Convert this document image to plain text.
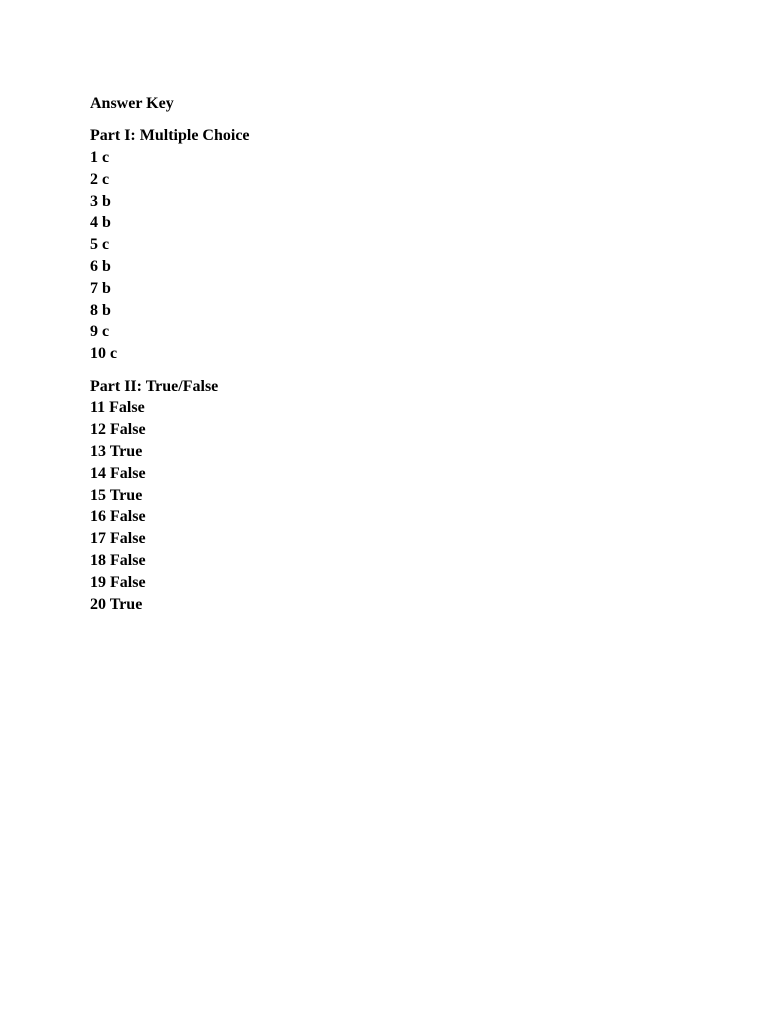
Answer Key
Part I: Multiple Choice
1 c
2 c
3 b
4 b
5 c
6 b
7 b
8 b
9 c
10 c
Part II: True/False
11 False
12 False
13 True
14 False
15 True
16 False
17 False
18 False
19 False
20 True
